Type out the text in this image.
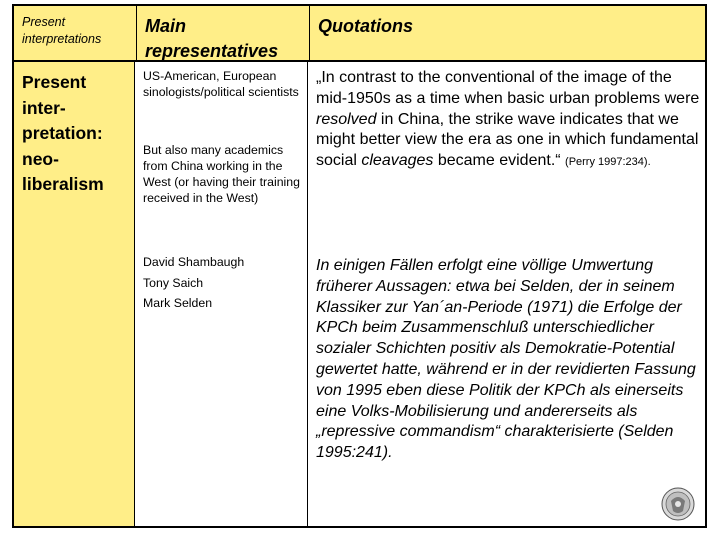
Present interpretations
Main representatives
Quotations
Present
inter-
pretation:
neo-
liberalism
US-American, European sinologists/political scientists
But also many academics from China working in the West (or having their training received in the West)
David Shambaugh
Tony Saich
Mark Selden
„In contrast to the conventional of the image of the mid-1950s as a time when basic urban problems were resolved in China, the strike wave indicates that we might better view the era as one in which fundamental social cleavages became evident.“ (Perry 1997:234).
In einigen Fällen erfolgt eine völlige Umwertung früherer Aussagen: etwa bei Selden, der in seinem Klassiker zur Yan´an-Periode (1971) die Erfolge der KPCh beim Zusammenschluß unterschiedlicher sozialer Schichten positiv als Demokratie-Potential gewertet hatte, während er in der revidierten Fassung von 1995 eben diese Politik der KPCh als einerseits eine Volks-Mobilisierung und andererseits als „repressive commandism“ charakterisierte (Selden 1995:241).
